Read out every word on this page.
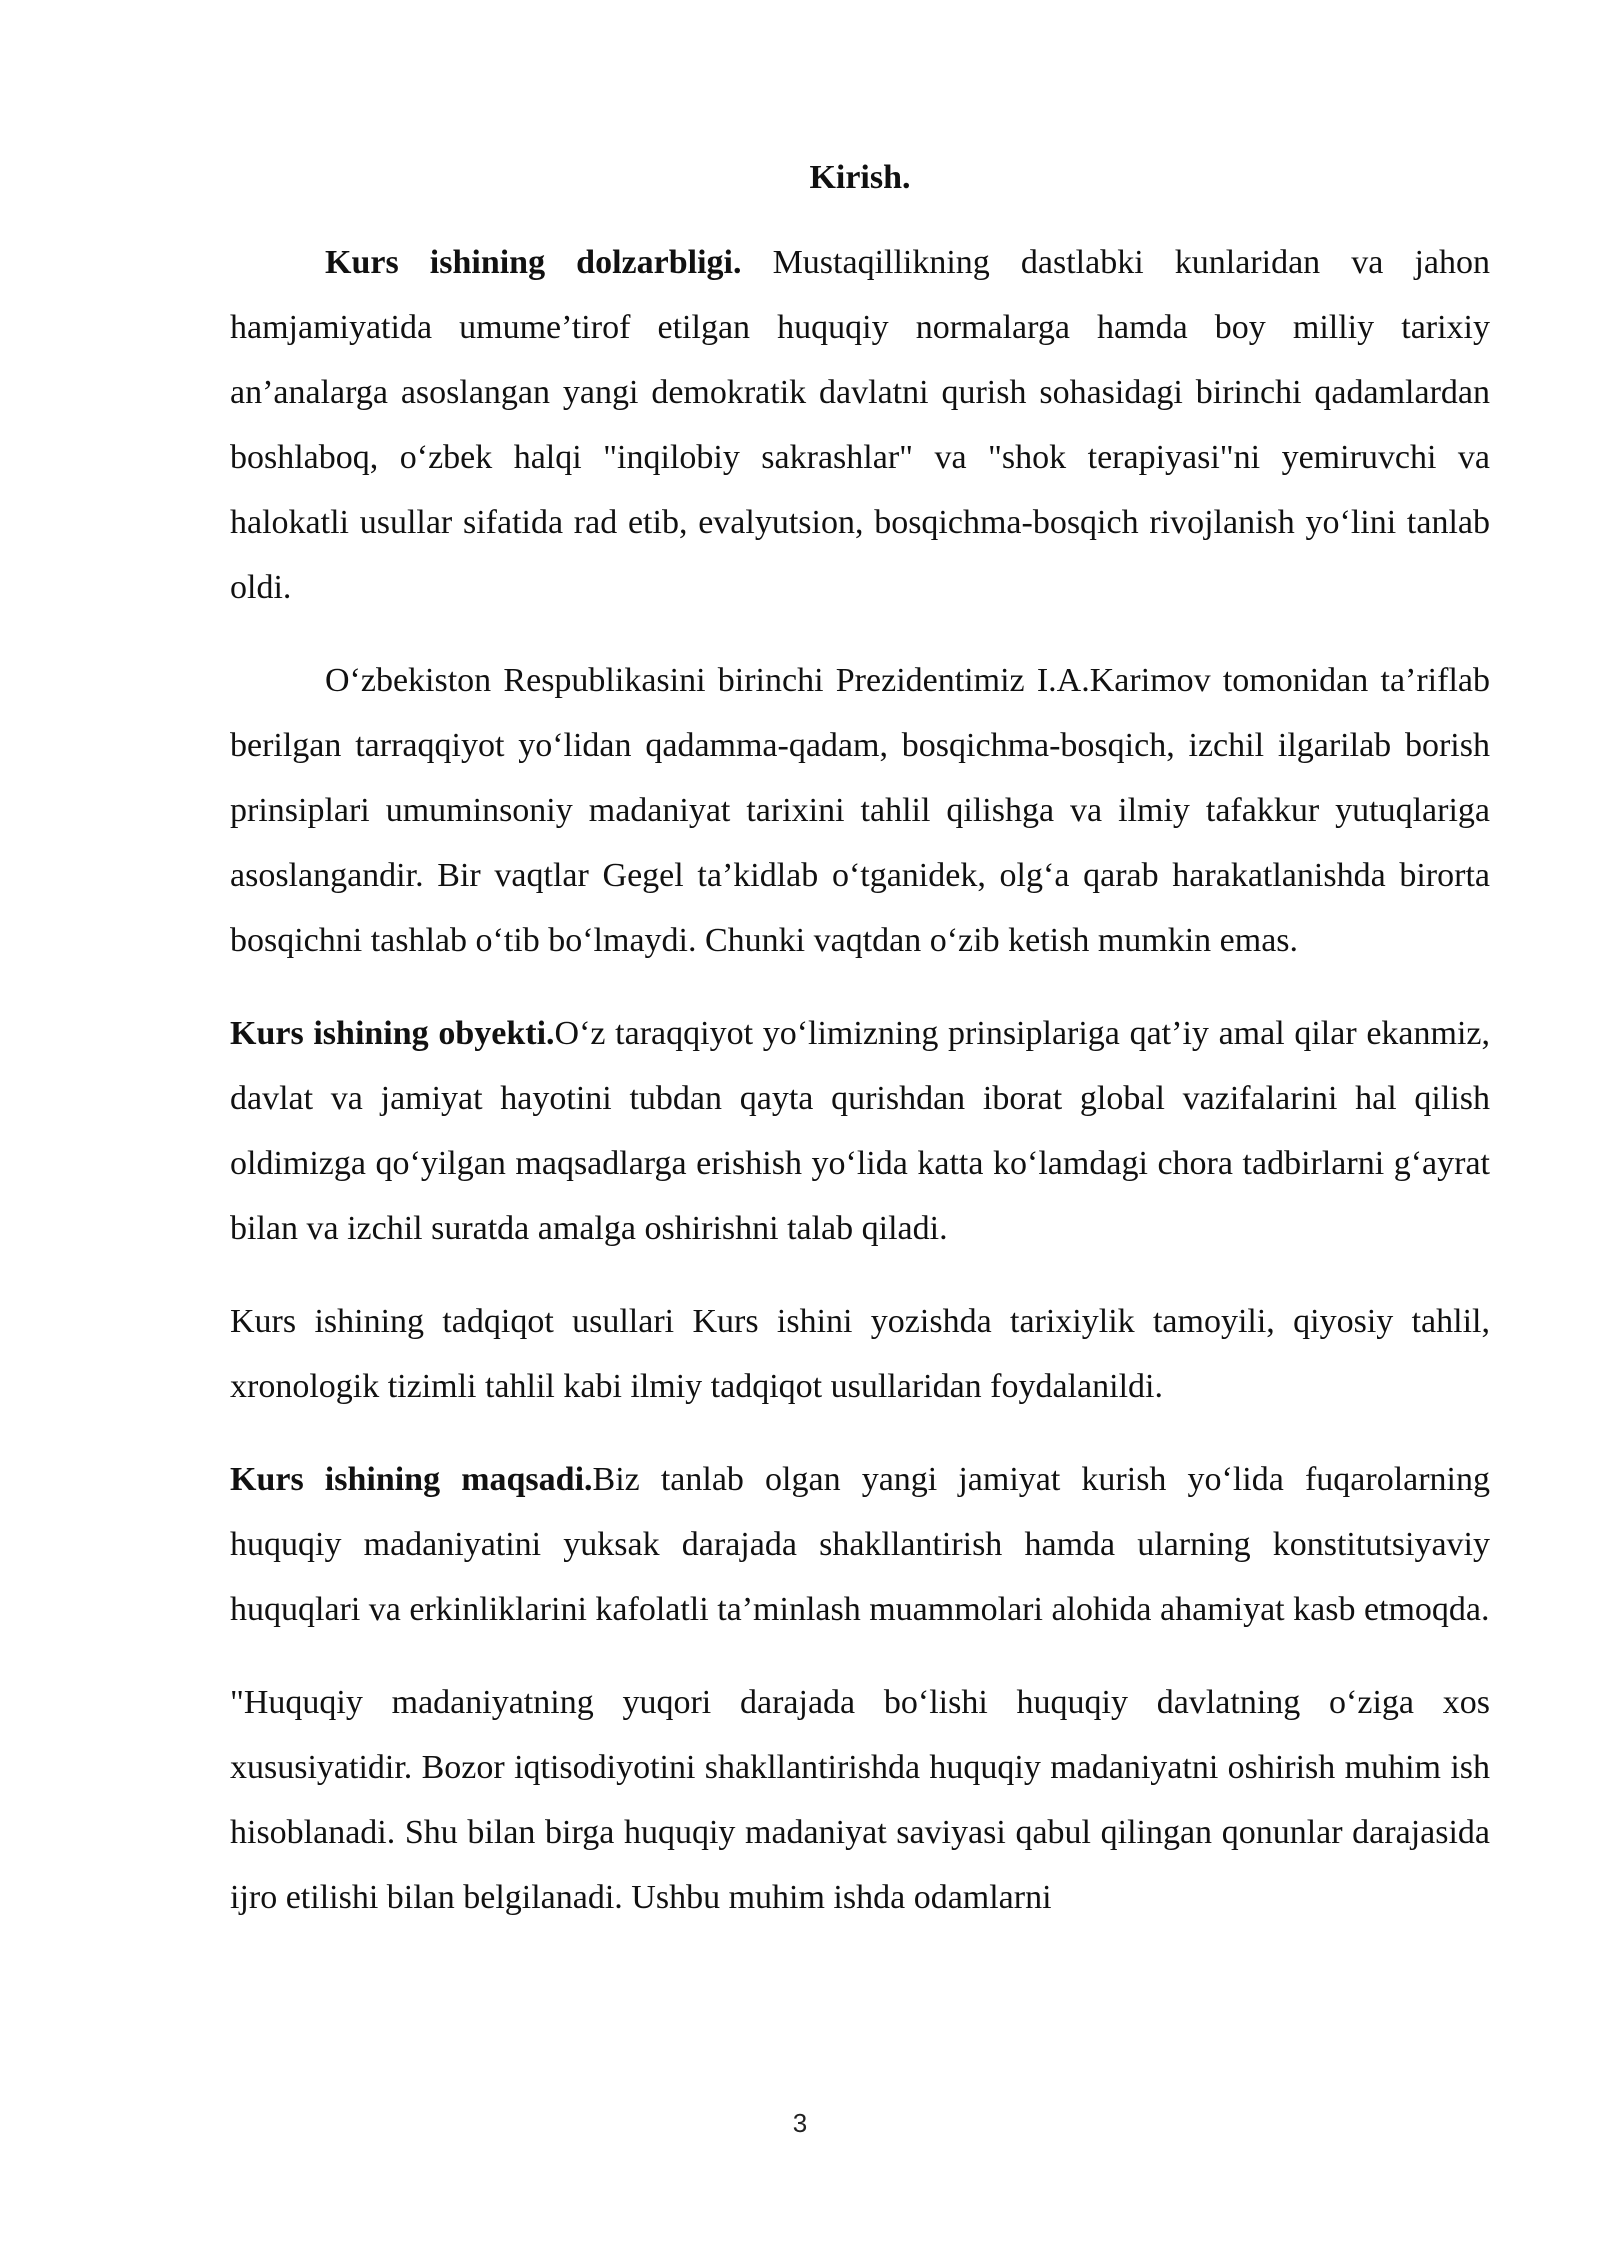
Kirish.

Kurs ishining dolzarbligi. Mustaqillikning dastlabki kunlaridan va jahon hamjamiyatida umume’tirof etilgan huquqiy normalarga hamda boy milliy tarixiy an’analarga asoslangan yangi demokratik davlatni qurish sohasidagi birinchi qadamlardan boshlaboq, o‘zbek halqi "inqilobiy sakrashlar" va "shok terapiyasi"ni yemiruvchi va halokatli usullar sifatida rad etib, evalyutsion, bosqichma-bosqich rivojlanish yo‘lini tanlab oldi.

O‘zbekiston Respublikasini birinchi Prezidentimiz I.A.Karimov tomonidan ta’riflab berilgan tarraqqiyot yo‘lidan qadamma-qadam, bosqichma-bosqich, izchil ilgarilab borish prinsiplari umuminsoniy madaniyat tarixini tahlil qilishga va ilmiy tafakkur yutuqlariga asoslangandir. Bir vaqtlar Gegel ta’kidlab o‘tganidek, olg‘a qarab harakatlanishda birorta bosqichni tashlab o‘tib bo‘lmaydi. Chunki vaqtdan o‘zib ketish mumkin emas.

Kurs ishining obyekti.O‘z taraqqiyot yo‘limizning prinsiplariga qat’iy amal qilar ekanmiz, davlat va jamiyat hayotini tubdan qayta qurishdan iborat global vazifalarini hal qilish oldimizga qo‘yilgan maqsadlarga erishish yo‘lida katta ko‘lamdagi chora tadbirlarni g‘ayrat bilan va izchil suratda amalga oshirishni talab qiladi.

Kurs ishining tadqiqot usullari Kurs ishini yozishda tarixiylik tamoyili, qiyosiy tahlil, xronologik tizimli tahlil kabi ilmiy tadqiqot usullaridan foydalanildi.

Kurs ishining maqsadi.Biz tanlab olgan yangi jamiyat kurish yo‘lida fuqarolarning huquqiy madaniyatini yuksak darajada shakllantirish hamda ularning konstitutsiyaviy huquqlari va erkinliklarini kafolatli ta’minlash muammolari alohida ahamiyat kasb etmoqda.

"Huquqiy madaniyatning yuqori darajada bo‘lishi huquqiy davlatning o‘ziga xos xususiyatidir. Bozor iqtisodiyotini shakllantirishda huquqiy madaniyatni oshirish muhim ish hisoblanadi. Shu bilan birga huquqiy madaniyat saviyasi qabul qilingan qonunlar darajasida ijro etilishi bilan belgilanadi. Ushbu muhim ishda odamlarni

3
